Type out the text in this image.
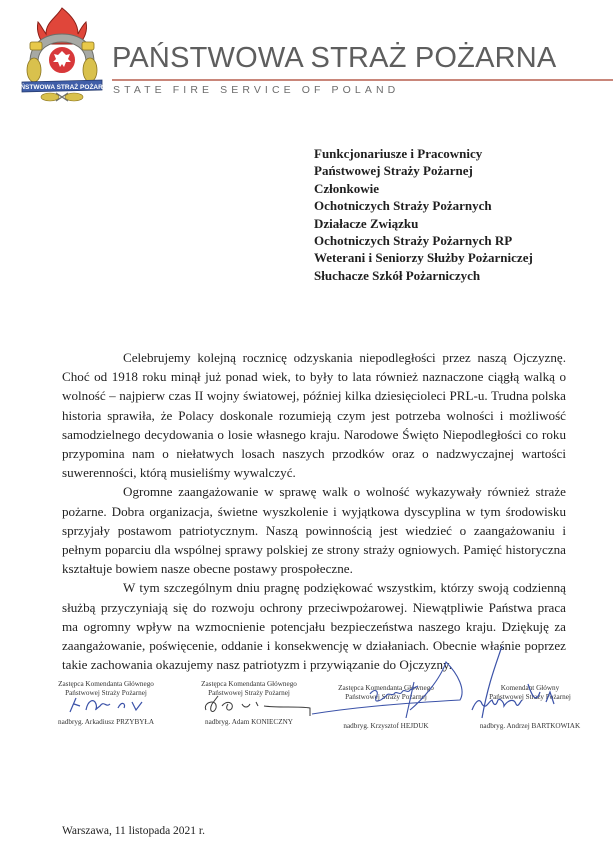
PAŃSTWOWA STRAŻ POŻARNA
PAŃSTWOWA STRAŻ POŻARNA
STATE FIRE SERVICE OF POLAND
Funkcjonariusze i Pracownicy
Państwowej Straży Pożarnej
Członkowie
Ochotniczych Straży Pożarnych
Działacze Związku
Ochotniczych Straży Pożarnych RP
Weterani i Seniorzy Służby Pożarniczej
Słuchacze Szkół Pożarniczych

Celebrujemy kolejną rocznicę odzyskania niepodległości przez naszą Ojczyznę. Choć od 1918 roku minął już ponad wiek, to były to lata również naznaczone ciągłą walką o wolność – najpierw czas II wojny światowej, później kilka dziesięcioleci PRL-u. Trudna polska historia sprawiła, że Polacy doskonale rozumieją czym jest potrzeba wolności i możliwość samodzielnego decydowania o losie własnego kraju. Narodowe Święto Niepodległości co roku przypomina nam o niełatwych losach naszych przodków oraz o nadzwyczajnej wartości suwerenności, którą musieliśmy wywalczyć.

Ogromne zaangażowanie w sprawę walk o wolność wykazywały również straże pożarne. Dobra organizacja, świetne wyszkolenie i wyjątkowa dyscyplina w tym środowisku sprzyjały postawom patriotycznym. Naszą powinnością jest wiedzieć o zaangażowaniu i pełnym poparciu dla wspólnej sprawy polskiej ze strony straży ogniowych. Pamięć historyczna kształtuje bowiem nasze obecne postawy prospołeczne.

W tym szczególnym dniu pragnę podziękować wszystkim, którzy swoją codzienną służbą przyczyniają się do rozwoju ochrony przeciwpożarowej. Niewątpliwie Państwa praca ma ogromny wpływ na wzmocnienie potencjału bezpieczeństwa naszego kraju. Dziękuję za zaangażowanie, poświęcenie, oddanie i konsekwencję w działaniach. Obecnie właśnie poprzez takie zachowania okazujemy nasz patriotyzm i przywiązanie do Ojczyzny.

Zastępca Komendanta Głównego
Państwowej Straży Pożarnej
nadbryg. Arkadiusz PRZYBYŁA
Zastępca Komendanta Głównego
Państwowej Straży Pożarnej
nadbryg. Adam KONIECZNY
Zastępca Komendanta Głównego
Państwowej Straży Pożarnej
nadbryg. Krzysztof HEJDUK
Komendant Główny
Państwowej Straży Pożarnej
nadbryg. Andrzej BARTKOWIAK
Warszawa, 11 listopada 2021 r.
